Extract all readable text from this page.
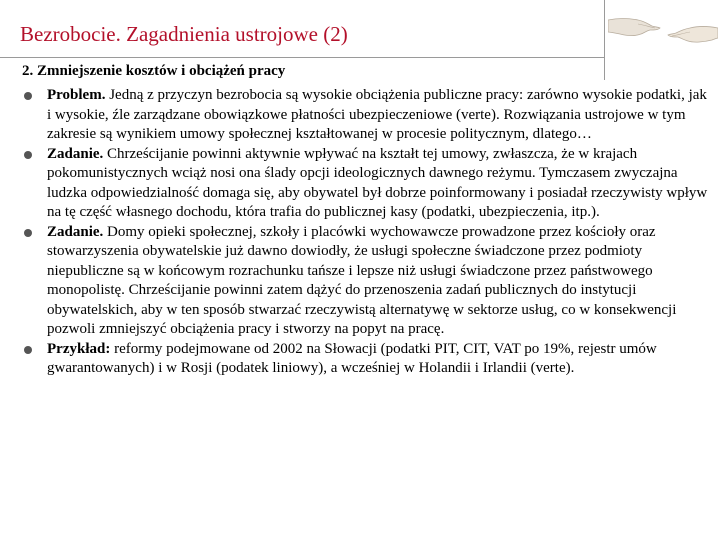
Bezrobocie. Zagadnienia ustrojowe (2)

2. Zmniejszenie kosztów i obciążeń pracy

Problem. Jedną z przyczyn bezrobocia są wysokie obciążenia publiczne pracy: zarówno wysokie podatki, jak i wysokie, źle zarządzane obowiązkowe płatności ubezpieczeniowe (verte). Rozwiązania ustrojowe w tym zakresie są wynikiem umowy społecznej kształtowanej w procesie politycznym, dlatego…
Zadanie. Chrześcijanie powinni aktywnie wpływać na kształt tej umowy, zwłaszcza, że w krajach pokomunistycznych wciąż nosi ona ślady opcji ideologicznych dawnego reżymu. Tymczasem zwyczajna ludzka odpowiedzialność domaga się, aby obywatel był dobrze poinformowany i posiadał rzeczywisty wpływ na tę część własnego dochodu, która trafia do publicznej kasy (podatki, ubezpieczenia, itp.).
Zadanie. Domy opieki społecznej, szkoły i placówki wychowawcze prowadzone przez kościoły oraz stowarzyszenia obywatelskie już dawno dowiodły, że usługi społeczne świadczone przez podmioty niepubliczne są w końcowym rozrachunku tańsze i lepsze niż usługi świadczone przez państwowego monopolistę. Chrześcijanie powinni zatem dążyć do przenoszenia zadań publicznych do instytucji obywatelskich, aby w ten sposób stwarzać rzeczywistą alternatywę w sektorze usług, co w konsekwencji pozwoli zmniejszyć obciążenia pracy i stworzy na popyt na pracę.
Przykład: reformy podejmowane od 2002 na Słowacji (podatki PIT, CIT, VAT po 19%, rejestr umów gwarantowanych) i w Rosji (podatek liniowy), a wcześniej w Holandii i Irlandii (verte).
